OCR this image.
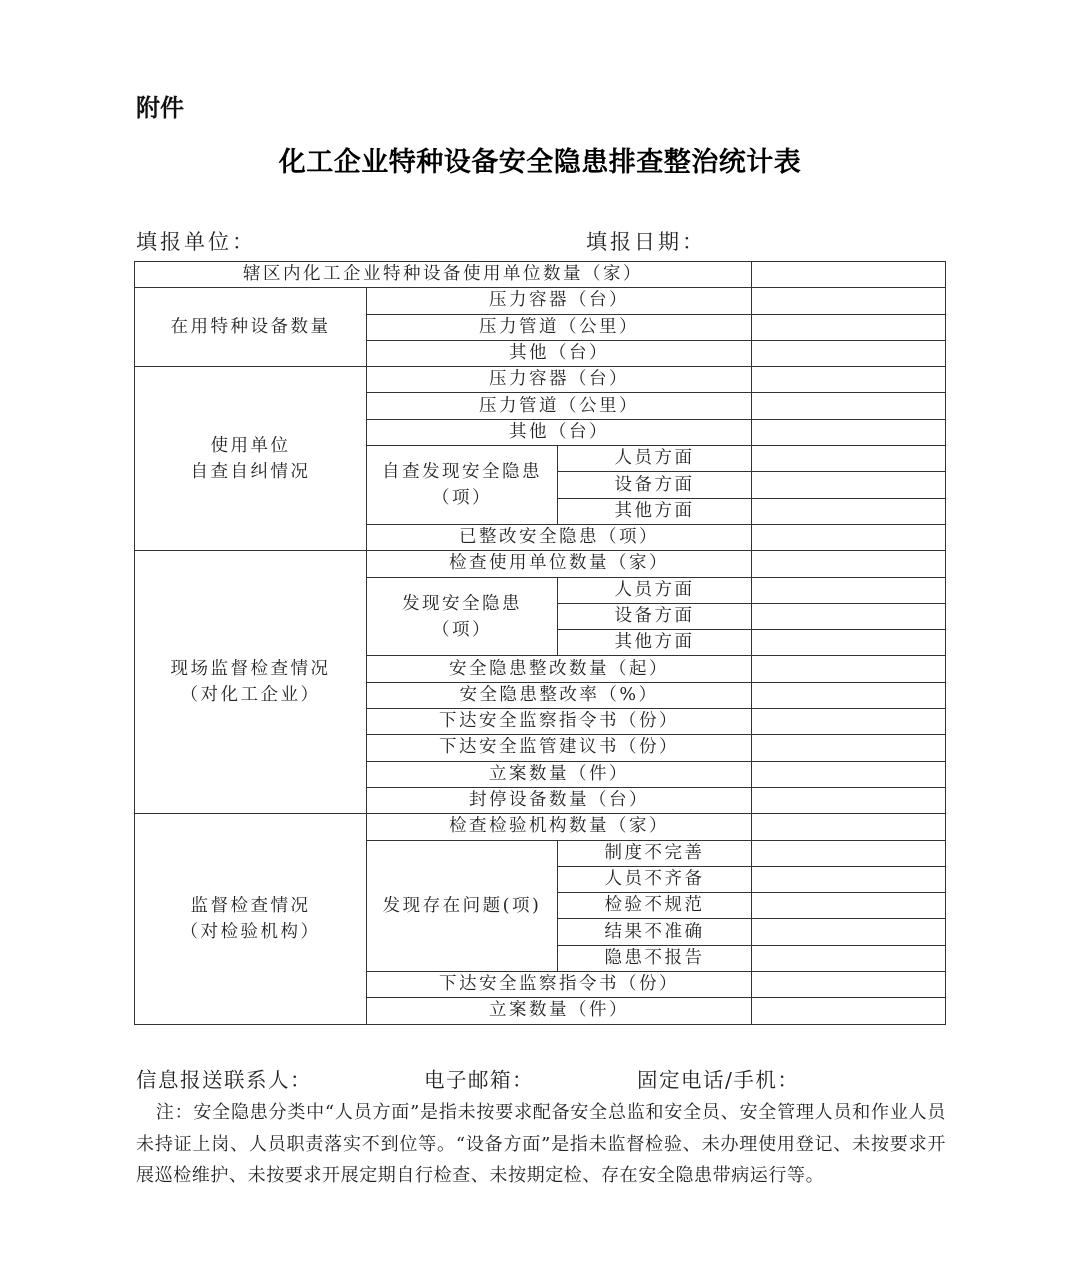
附件
化工企业特种设备安全隐患排查整治统计表
填报单位：	填报日期：
辖区内化工企业特种设备使用单位数量（家）			
在用特种设备数量	压力容器（台）		
	压力管道（公里）		
	其他（台）		

使用单位
自查自纠情况	压力容器（台）		
	压力管道（公里）		
	其他（台）		

	自查发现安全隐患
（项）	人员方面	
		设备方面	
		其他方面	
	已整改安全隐患（项）		

现场监督检查情况
（对化工企业）	检查使用单位数量（家）		

	发现安全隐患
（项）	人员方面	
		设备方面	
		其他方面	
	安全隐患整改数量（起）		
	安全隐患整改率（%）		
	下达安全监察指令书（份）		
	下达安全监管建议书（份）		
	立案数量（件）		
	封停设备数量（台）		

监督检查情况
（对检验机构）	检查检验机构数量（家）		
	发现存在问题(项)	制度不完善	
		人员不齐备	
		检验不规范	
		结果不准确	
		隐患不报告	
	下达安全监察指令书（份）		
	立案数量（件）		
信息报送联系人：	电子邮箱：	固定电话/手机：
注：安全隐患分类中“人员方面”是指未按要求配备安全总监和安全员、安全管理人员和作业人员未持证上岗、人员职责落实不到位等。“设备方面”是指未监督检验、未办理使用登记、未按要求开展巡检维护、未按要求开展定期自行检查、未按期定检、存在安全隐患带病运行等。
